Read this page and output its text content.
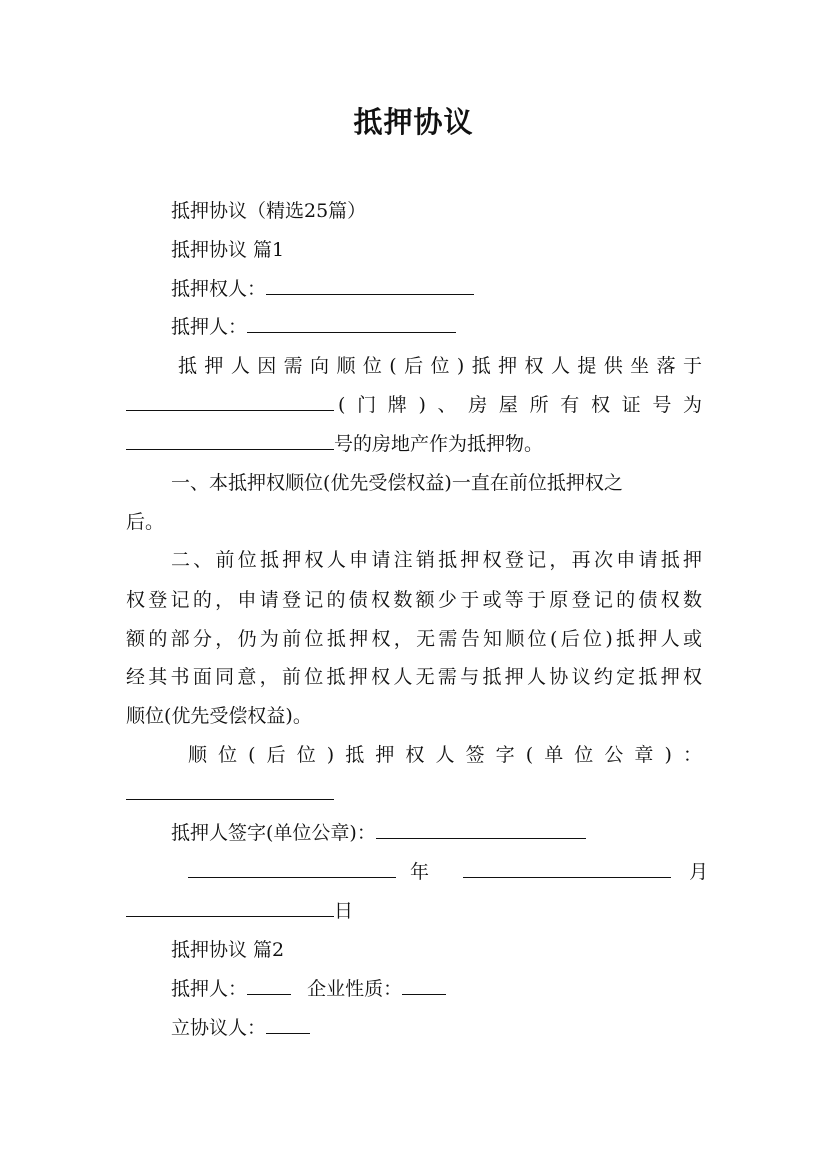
抵押协议
抵押协议（精选25篇）
抵押协议 篇1
抵押权人：
抵押人：
抵押人因需向顺位(后位)抵押权人提供坐落于
(门牌)、房屋所有权证号为
号的房地产作为抵押物。
一、本抵押权顺位(优先受偿权益)一直在前位抵押权之
后。
二、前位抵押权人申请注销抵押权登记，再次申请抵押
权登记的，申请登记的债权数额少于或等于原登记的债权数
额的部分，仍为前位抵押权，无需告知顺位(后位)抵押人或
经其书面同意，前位抵押权人无需与抵押人协议约定抵押权
顺位(优先受偿权益)。
顺位(后位)抵押权人签字(单位公章)：
抵押人签字(单位公章)：
年	月
日
抵押协议 篇2
抵押人：	企业性质：
立协议人：
